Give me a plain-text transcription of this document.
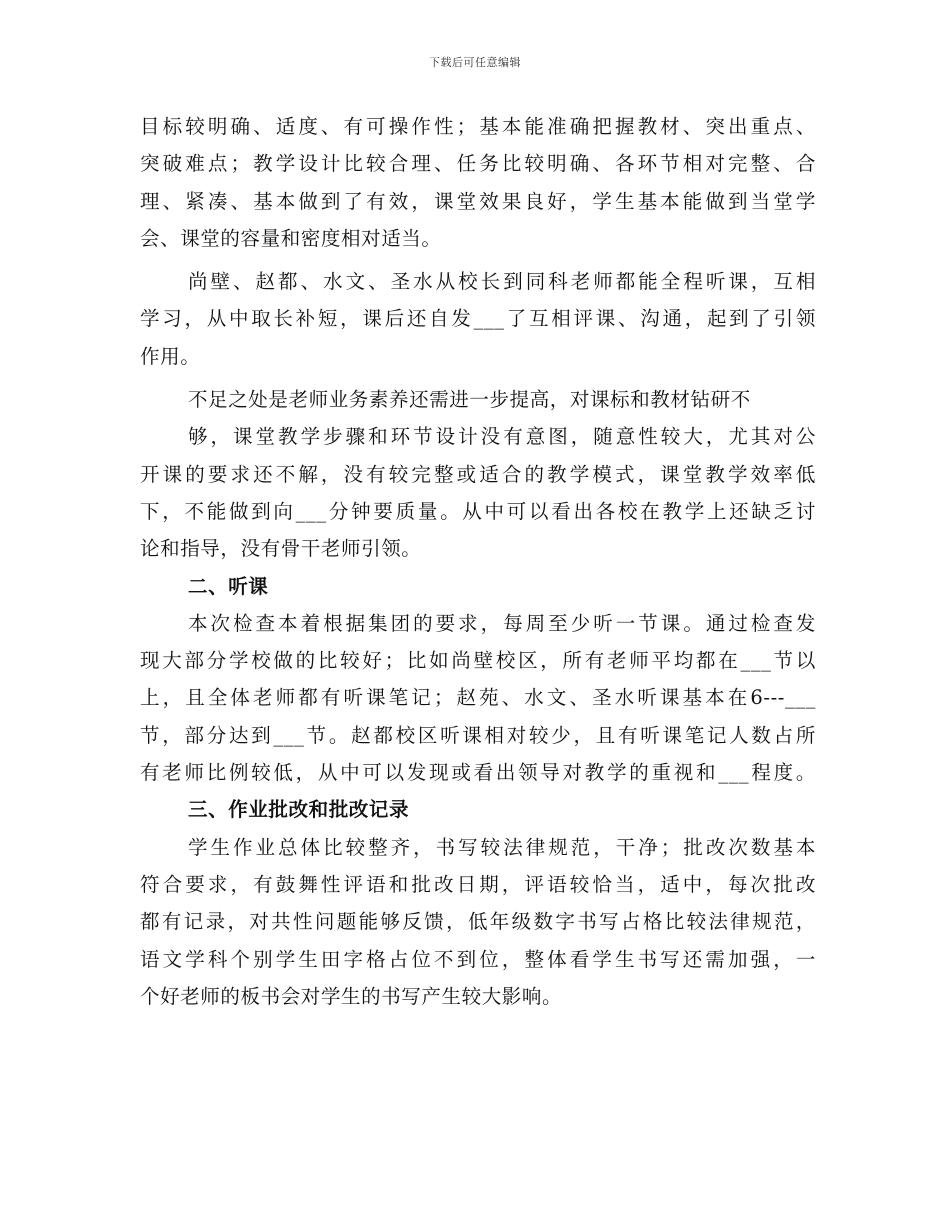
下载后可任意编辑
目标较明确、适度、有可操作性；基本能准确把握教材、突出重点、
突破难点；教学设计比较合理、任务比较明确、各环节相对完整、合
理、紧凑、基本做到了有效，课堂效果良好，学生基本能做到当堂学
会、课堂的容量和密度相对适当。
尚壁、赵都、水文、圣水从校长到同科老师都能全程听课，互相
学习，从中取长补短，课后还自发___了互相评课、沟通，起到了引领
作用。
不足之处是老师业务素养还需进一步提高，对课标和教材钻研不
够，课堂教学步骤和环节设计没有意图，随意性较大，尤其对公
开课的要求还不解，没有较完整或适合的教学模式，课堂教学效率低
下，不能做到向___分钟要质量。从中可以看出各校在教学上还缺乏讨
论和指导，没有骨干老师引领。
二、听课
本次检查本着根据集团的要求，每周至少听一节课。通过检查发
现大部分学校做的比较好；比如尚壁校区，所有老师平均都在___节以
上，且全体老师都有听课笔记；赵苑、水文、圣水听课基本在6---___
节，部分达到___节。赵都校区听课相对较少，且有听课笔记人数占所
有老师比例较低，从中可以发现或看出领导对教学的重视和___程度。
三、作业批改和批改记录
学生作业总体比较整齐，书写较法律规范，干净；批改次数基本
符合要求，有鼓舞性评语和批改日期，评语较恰当，适中，每次批改
都有记录，对共性问题能够反馈，低年级数字书写占格比较法律规范，
语文学科个别学生田字格占位不到位，整体看学生书写还需加强，一
个好老师的板书会对学生的书写产生较大影响。
